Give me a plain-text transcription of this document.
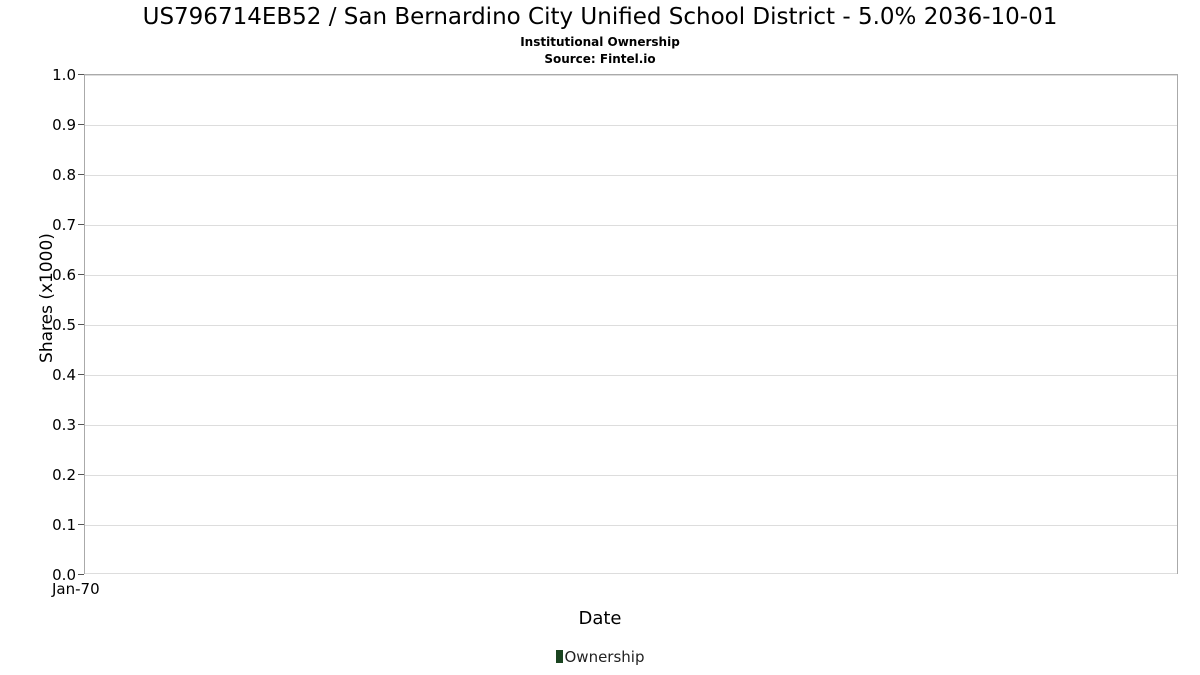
US796714EB52 / San Bernardino City Unified School District - 5.0% 2036-10-01
Institutional Ownership
Source: Fintel.io
Shares (x1000)
0.0
0.1
0.2
0.3
0.4
0.5
0.6
0.7
0.8
0.9
1.0
Jan-70
Date
Ownership
